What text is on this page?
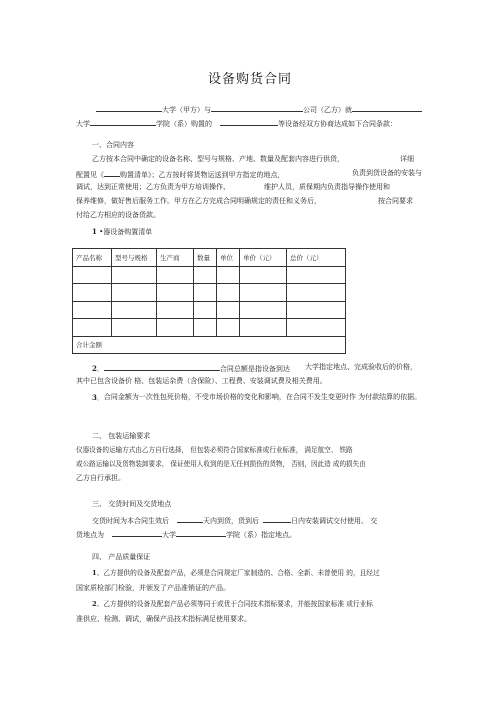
设备购货合同
大学（甲方）与	公司（乙方）就
大学	学院（系）购置的	等设备经双方协商达成如下合同条款：
一、合同内容
乙方按本合同中确定的设备名称、型号与规格、产地、数量及配套内容进行供货，	详细
配置见《 购置清单》；乙方按时将货物运送到甲方指定的地点，	负责到货设备的安装与
调试，达到正常使用；乙方负责为甲方培训操作、	维护人员，质保期内负责指导操作使用和
保养维修，做好售后服务工作。甲方在乙方完成合同明确规定的责任和义务后，	按合同要求
付给乙方相应的设备货款。
1 •器设备购置清单
产品名称	型号与规格	生产商	数量	单位	单价（元）	总价（元）

合计金额						
2．	合同总额是指设备到达 大学指定地点、完成验收后的价格，
其中已包含设备价 格、包装运杂费（含保险）、工程费、安装调试费及相关费用。
3．合同金额为一次性包死价格，不受市场价格的变化和影响，在合同不发生变更时作 为付款结算的依据。
二、 包装运输要求
仪器设备的运输方式由乙方自行选择， 但包装必须符合国家标准或行业标准， 满足航空、 铁路
或公路运输以及货物装卸要求， 保证使用人收到的是无任何损伤的货物， 否则，因此造 成的损失由
乙方自行承担。
三、 交货时间及交货地点
交货时间为本合同生效后	天内到货，货到后	日内安装调试交付使用。 交
货地点为	大学	学院（系）指定地点。
四、 产品质量保证
1、乙方提供的设备及配套产品，必须是合同规定厂家制造的、合格、全新、未曾使用 的，且经过
国家质检部门检验，并颁发了产品准销证的产品。
2、乙方提供的设备及配套产品必须等同于或优于合同技术指标要求，并能按国家标准 或行业标
准供应、检测、调试，确保产品技术指标满足使用要求。
